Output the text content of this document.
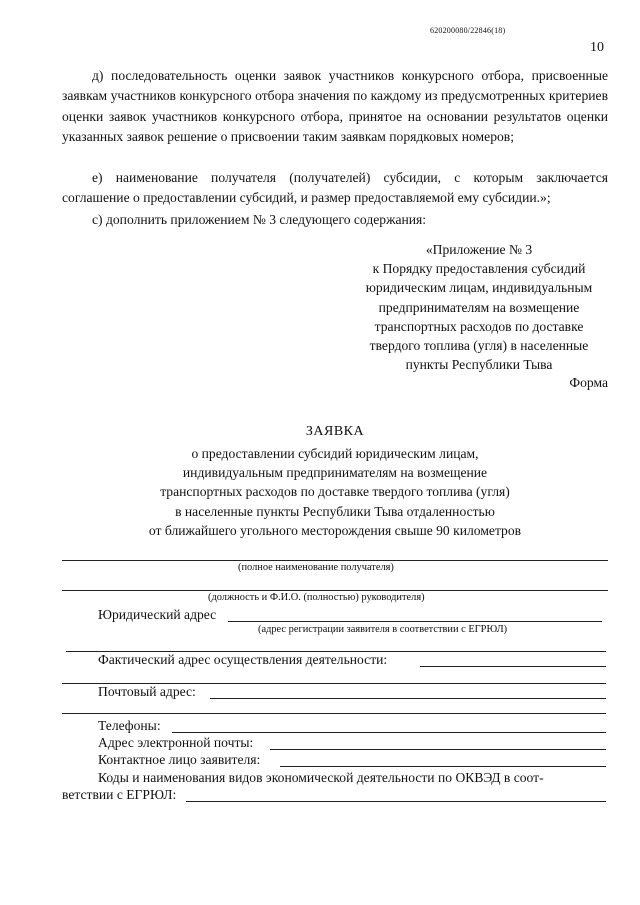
620200080/22846(18)
10

д) последовательность оценки заявок участников конкурсного отбора, присвоенные заявкам участников конкурсного отбора значения по каждому из предусмотренных критериев оценки заявок участников конкурсного отбора, принятое на основании результатов оценки указанных заявок решение о присвоении таким заявкам порядковых номеров;

е) наименование получателя (получателей) субсидии, с которым заключается соглашение о предоставлении субсидий, и размер предоставляемой ему субсидии.»;

с) дополнить приложением № 3 следующего содержания:

«Приложение № 3
к Порядку предоставления субсидий
юридическим лицам, индивидуальным
предпринимателям на возмещение
транспортных расходов по доставке
твердого топлива (угля) в населенные
пункты Республики Тыва
Форма
ЗАЯВКА
о предоставлении субсидий юридическим лицам,
индивидуальным предпринимателям на возмещение
транспортных расходов по доставке твердого топлива (угля)
в населенные пункты Республики Тыва отдаленностью
от ближайшего угольного месторождения свыше 90 километров
(полное наименование получателя)
(должность и Ф.И.О. (полностью) руководителя)
Юридический адрес
(адрес регистрации заявителя в соответствии с ЕГРЮЛ)
Фактический адрес осуществления деятельности:
Почтовый адрес:
Телефоны:
Адрес электронной почты:
Контактное лицо заявителя:
Коды и наименования видов экономической деятельности по ОКВЭД в соот-
ветствии с ЕГРЮЛ:
